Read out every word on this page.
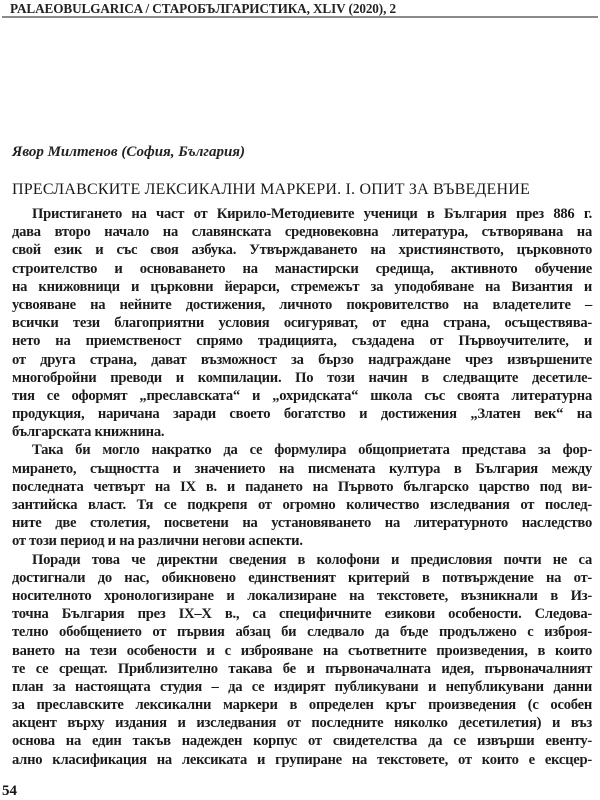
PALAEOBULGARICA / СТАРОБЪЛГАРИСТИКА, XLIV (2020), 2
Явор Милтенов (София, България)
ПРЕСЛАВСКИТЕ ЛЕКСИКАЛНИ МАРКЕРИ. I. ОПИТ ЗА ВЪВЕДЕНИЕ
Пристигането на част от Кирило-Методиевите ученици в България през 886 г.
дава второ начало на славянската средновековна литература, сътворявана на
свой език и със своя азбука. Утвърждаването на християнството, църковното
строителство и основаването на манастирски средища, активното обучение
на книжовници и църковни йерарси, стремежът за уподобяване на Византия и
усвояване на нейните достижения, личното покровителство на владетелите –
всички тези благоприятни условия осигуряват, от една страна, осъществява-
нето на приемственост спрямо традицията, създадена от Първоучителите, и
от друга страна, дават възможност за бързо надграждане чрез извършените
многобройни преводи и компилации. По този начин в следващите десетиле-
тия се оформят „преславската“ и „охридската“ школа със своята литературна
продукция, наричана заради своето богатство и достижения „Златен век“ на
българската книжнина.
Така би могло накратко да се формулира общоприетата представа за фор-
мирането, същността и значението на писмената култура в България между
последната четвърт на IX в. и падането на Първото българско царство под ви-
зантийска власт. Тя се подкрепя от огромно количество изследвания от послед-
ните две столетия, посветени на установяването на литературното наследство
от този период и на различни негови аспекти.
Поради това че директни сведения в колофони и предисловия почти не са
достигнали до нас, обикновено единственият критерий в потвърждение на от-
носителното хронологизиране и локализиране на текстовете, възникнали в Из-
точна България през IX–X в., са специфичните езикови особености. Следова-
телно обобщението от първия абзац би следвало да бъде продължено с изброя-
ването на тези особености и с изброяване на съответните произведения, в които
те се срещат. Приблизително такава бе и първоначалната идея, първоначалният
план за настоящата студия – да се издирят публикувани и непубликувани данни
за преславските лексикални маркери в определен кръг произведения (с особен
акцент върху издания и изследвания от последните няколко десетилетия) и въз
основа на един такъв надежден корпус от свидетелства да се извърши евенту-
ално класификация на лексиката и групиране на текстовете, от които е ексцер-
54
